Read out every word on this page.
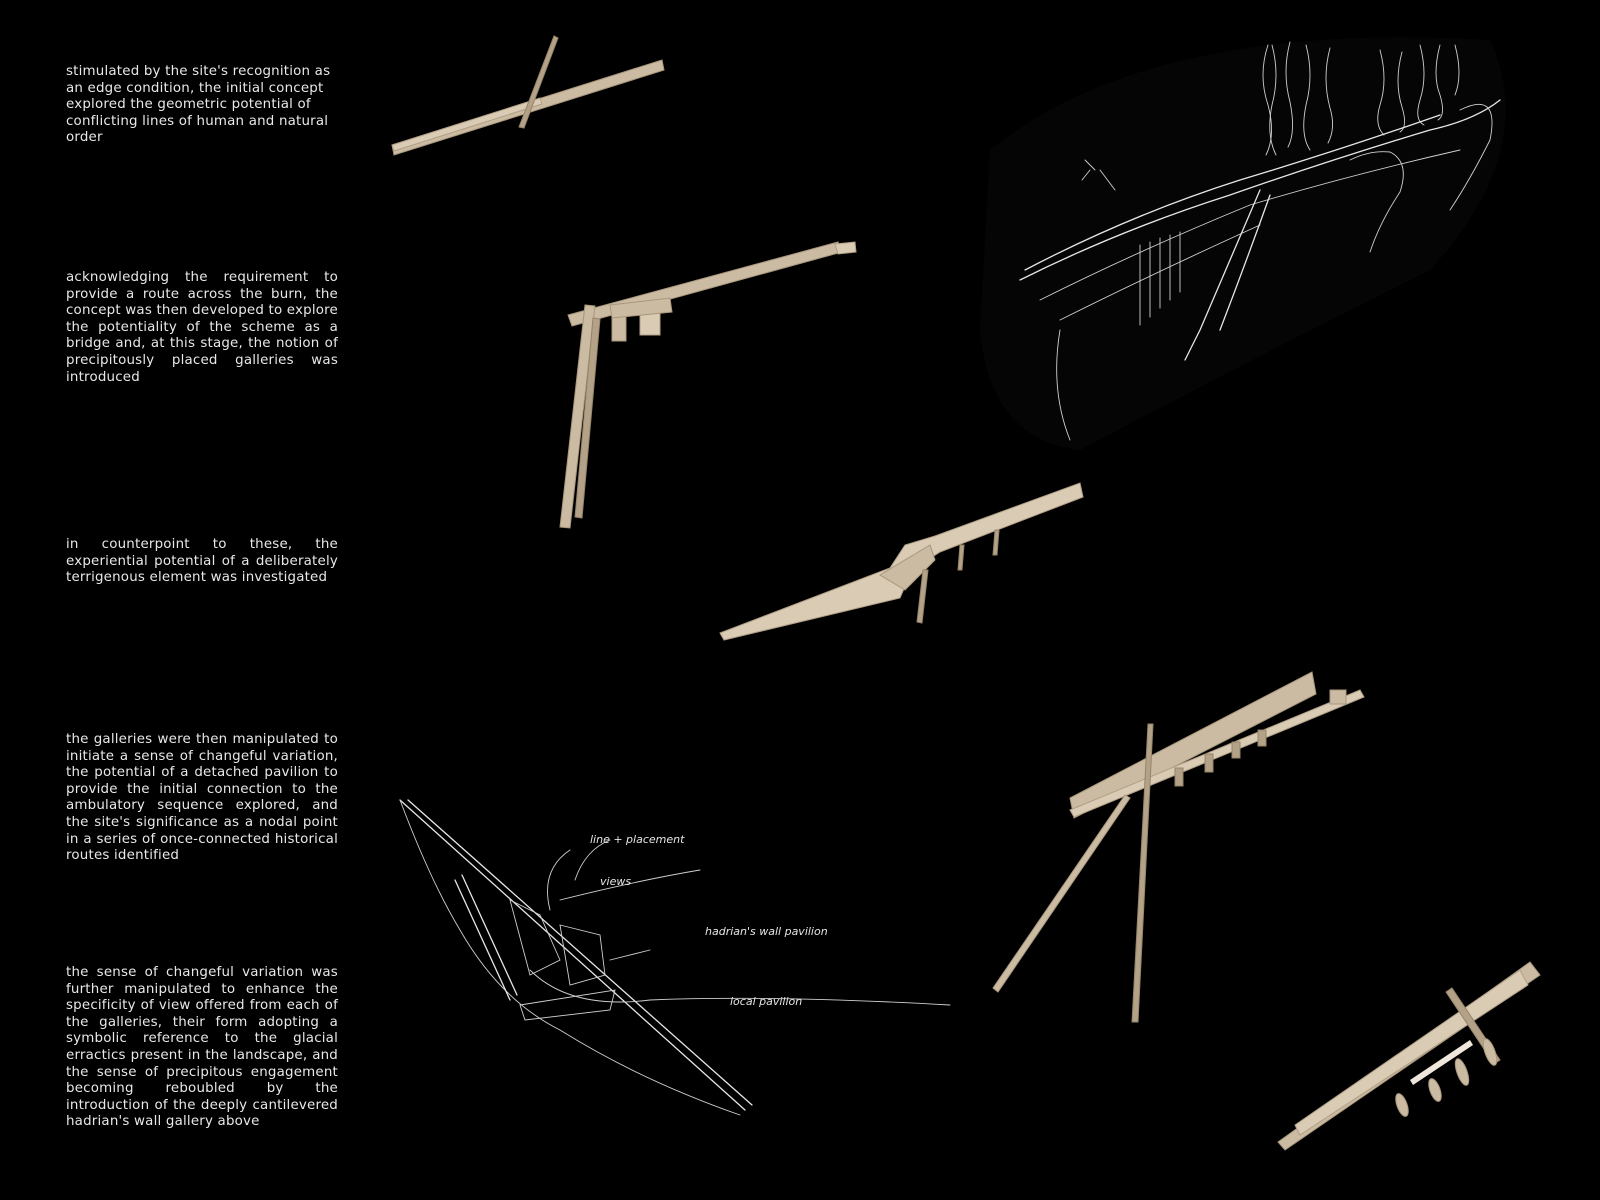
stimulated by the site's recognition as an edge condition, the initial concept explored the geometric potential of conflicting lines of human and natural order
acknowledging the requirement to provide a route across the burn, the concept was then developed to explore the potentiality of the scheme as a bridge and, at this stage, the notion of precipitously placed galleries was introduced
in counterpoint to these, the experiential potential of a deliberately terrigenous element was investigated
the galleries were then manipulated to initiate a sense of changeful variation, the potential of a detached pavilion to provide the initial connection to the ambulatory sequence explored, and the site's significance as a nodal point in a series of once-connected historical routes identified
the sense of changeful variation was further manipulated to enhance the specificity of view offered from each of the galleries, their form adopting a symbolic reference to the glacial erractics present in the landscape, and the sense of precipitous engagement becoming reboubled by the introduction of the deeply cantilevered hadrian's wall gallery above
line + placement
views
hadrian's wall pavilion
local pavilion
